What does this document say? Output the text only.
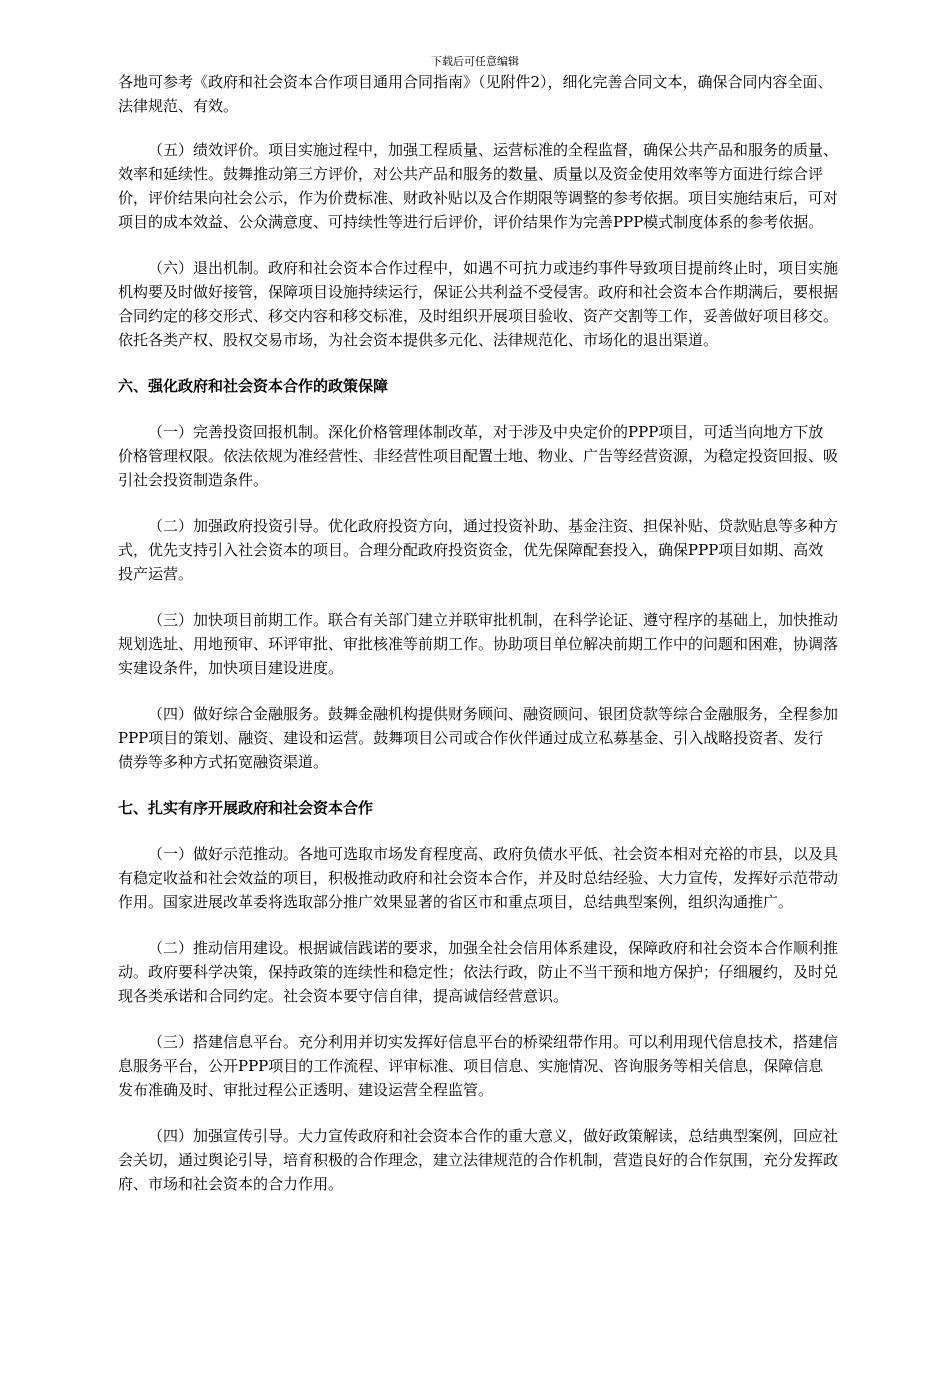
下载后可任意编辑

各地可参考《政府和社会资本合作项目通用合同指南》（见附件2），细化完善合同文本，确保合同内容全面、法律规范、有效。

（五）绩效评价。项目实施过程中，加强工程质量、运营标准的全程监督，确保公共产品和服务的质量、效率和延续性。鼓舞推动第三方评价，对公共产品和服务的数量、质量以及资金使用效率等方面进行综合评价，评价结果向社会公示，作为价费标准、财政补贴以及合作期限等调整的参考依据。项目实施结束后，可对项目的成本效益、公众满意度、可持续性等进行后评价，评价结果作为完善PPP模式制度体系的参考依据。

（六）退出机制。政府和社会资本合作过程中，如遇不可抗力或违约事件导致项目提前终止时，项目实施机构要及时做好接管，保障项目设施持续运行，保证公共利益不受侵害。政府和社会资本合作期满后，要根据合同约定的移交形式、移交内容和移交标准，及时组织开展项目验收、资产交割等工作，妥善做好项目移交。依托各类产权、股权交易市场，为社会资本提供多元化、法律规范化、市场化的退出渠道。

六、强化政府和社会资本合作的政策保障

（一）完善投资回报机制。深化价格管理体制改革，对于涉及中央定价的PPP项目，可适当向地方下放价格管理权限。依法依规为准经营性、非经营性项目配置土地、物业、广告等经营资源，为稳定投资回报、吸引社会投资制造条件。

（二）加强政府投资引导。优化政府投资方向，通过投资补助、基金注资、担保补贴、贷款贴息等多种方式，优先支持引入社会资本的项目。合理分配政府投资资金，优先保障配套投入，确保PPP项目如期、高效投产运营。

（三）加快项目前期工作。联合有关部门建立并联审批机制，在科学论证、遵守程序的基础上，加快推动规划选址、用地预审、环评审批、审批核准等前期工作。协助项目单位解决前期工作中的问题和困难，协调落实建设条件，加快项目建设进度。

（四）做好综合金融服务。鼓舞金融机构提供财务顾问、融资顾问、银团贷款等综合金融服务，全程参加PPP项目的策划、融资、建设和运营。鼓舞项目公司或合作伙伴通过成立私募基金、引入战略投资者、发行债券等多种方式拓宽融资渠道。

七、扎实有序开展政府和社会资本合作

（一）做好示范推动。各地可选取市场发育程度高、政府负债水平低、社会资本相对充裕的市县，以及具有稳定收益和社会效益的项目，积极推动政府和社会资本合作，并及时总结经验、大力宣传，发挥好示范带动作用。国家进展改革委将选取部分推广效果显著的省区市和重点项目，总结典型案例，组织沟通推广。

（二）推动信用建设。根据诚信践诺的要求，加强全社会信用体系建设，保障政府和社会资本合作顺利推动。政府要科学决策，保持政策的连续性和稳定性；依法行政，防止不当干预和地方保护；仔细履约，及时兑现各类承诺和合同约定。社会资本要守信自律，提高诚信经营意识。

（三）搭建信息平台。充分利用并切实发挥好信息平台的桥梁纽带作用。可以利用现代信息技术，搭建信息服务平台，公开PPP项目的工作流程、评审标准、项目信息、实施情况、咨询服务等相关信息，保障信息发布准确及时、审批过程公正透明、建设运营全程监管。

（四）加强宣传引导。大力宣传政府和社会资本合作的重大意义，做好政策解读，总结典型案例，回应社会关切，通过舆论引导，培育积极的合作理念，建立法律规范的合作机制，营造良好的合作氛围，充分发挥政府、市场和社会资本的合力作用。
